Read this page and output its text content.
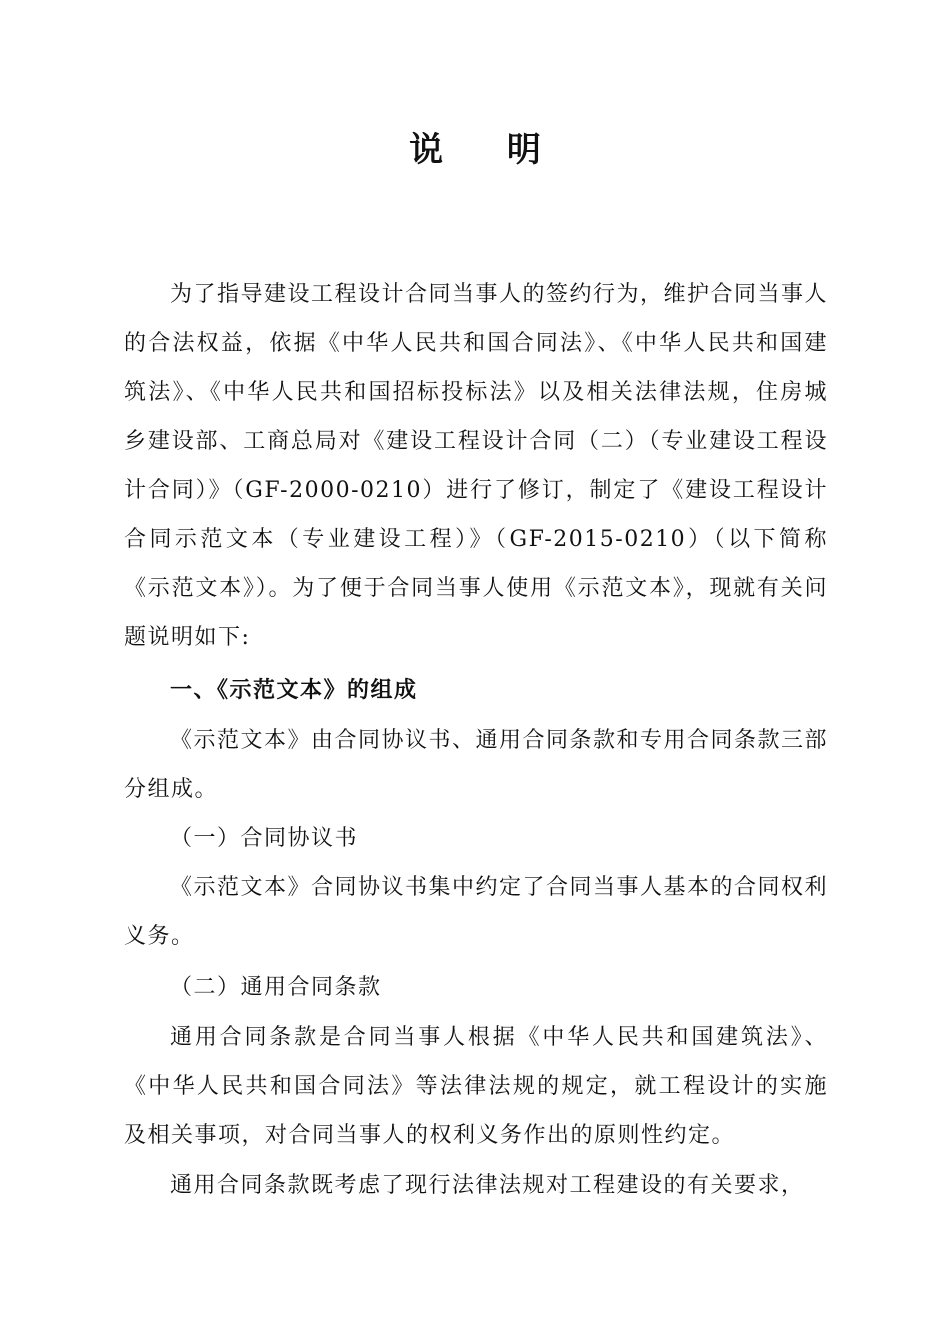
说 明
为了指导建设工程设计合同当事人的签约行为，维护合同当事人的合法权益，依据《中华人民共和国合同法》、《中华人民共和国建筑法》、《中华人民共和国招标投标法》以及相关法律法规，住房城乡建设部、工商总局对《建设工程设计合同（二）（专业建设工程设计合同）》（GF-2000-0210）进行了修订，制定了《建设工程设计合同示范文本（专业建设工程）》（GF-2015-0210）（以下简称《示范文本》）。为了便于合同当事人使用《示范文本》，现就有关问题说明如下:
一、《示范文本》的组成
《示范文本》由合同协议书、通用合同条款和专用合同条款三部分组成。
（一）合同协议书
《示范文本》合同协议书集中约定了合同当事人基本的合同权利义务。
（二）通用合同条款
通用合同条款是合同当事人根据《中华人民共和国建筑法》、《中华人民共和国合同法》等法律法规的规定，就工程设计的实施及相关事项，对合同当事人的权利义务作出的原则性约定。
通用合同条款既考虑了现行法律法规对工程建设的有关要求，
